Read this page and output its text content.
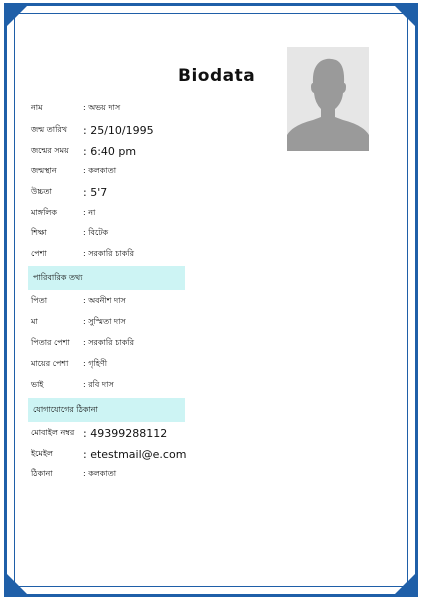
Biodata
নাম	: অভয় দাস
জন্ম তারিখ	: 25/10/1995
জন্মের সময়	: 6:40 pm
জন্মস্থান	: কলকাতা
উচ্চতা	: 5'7
মাঙ্গলিক	: না
শিক্ষা	: বিটেক
পেশা	: সরকারি চাকরি
পারিবারিক তথ্য
পিতা	: অবনীশ দাস
মা	: সুস্মিতা দাস
পিতার পেশা	: সরকারি চাকরি
মায়ের পেশা	: গৃহিণী
ভাই	: রবি দাস
যোগাযোগের ঠিকানা
মোবাইল নম্বর : 49399288112
ইমেইল	: etestmail@e.com
ঠিকানা	: কলকাতা
